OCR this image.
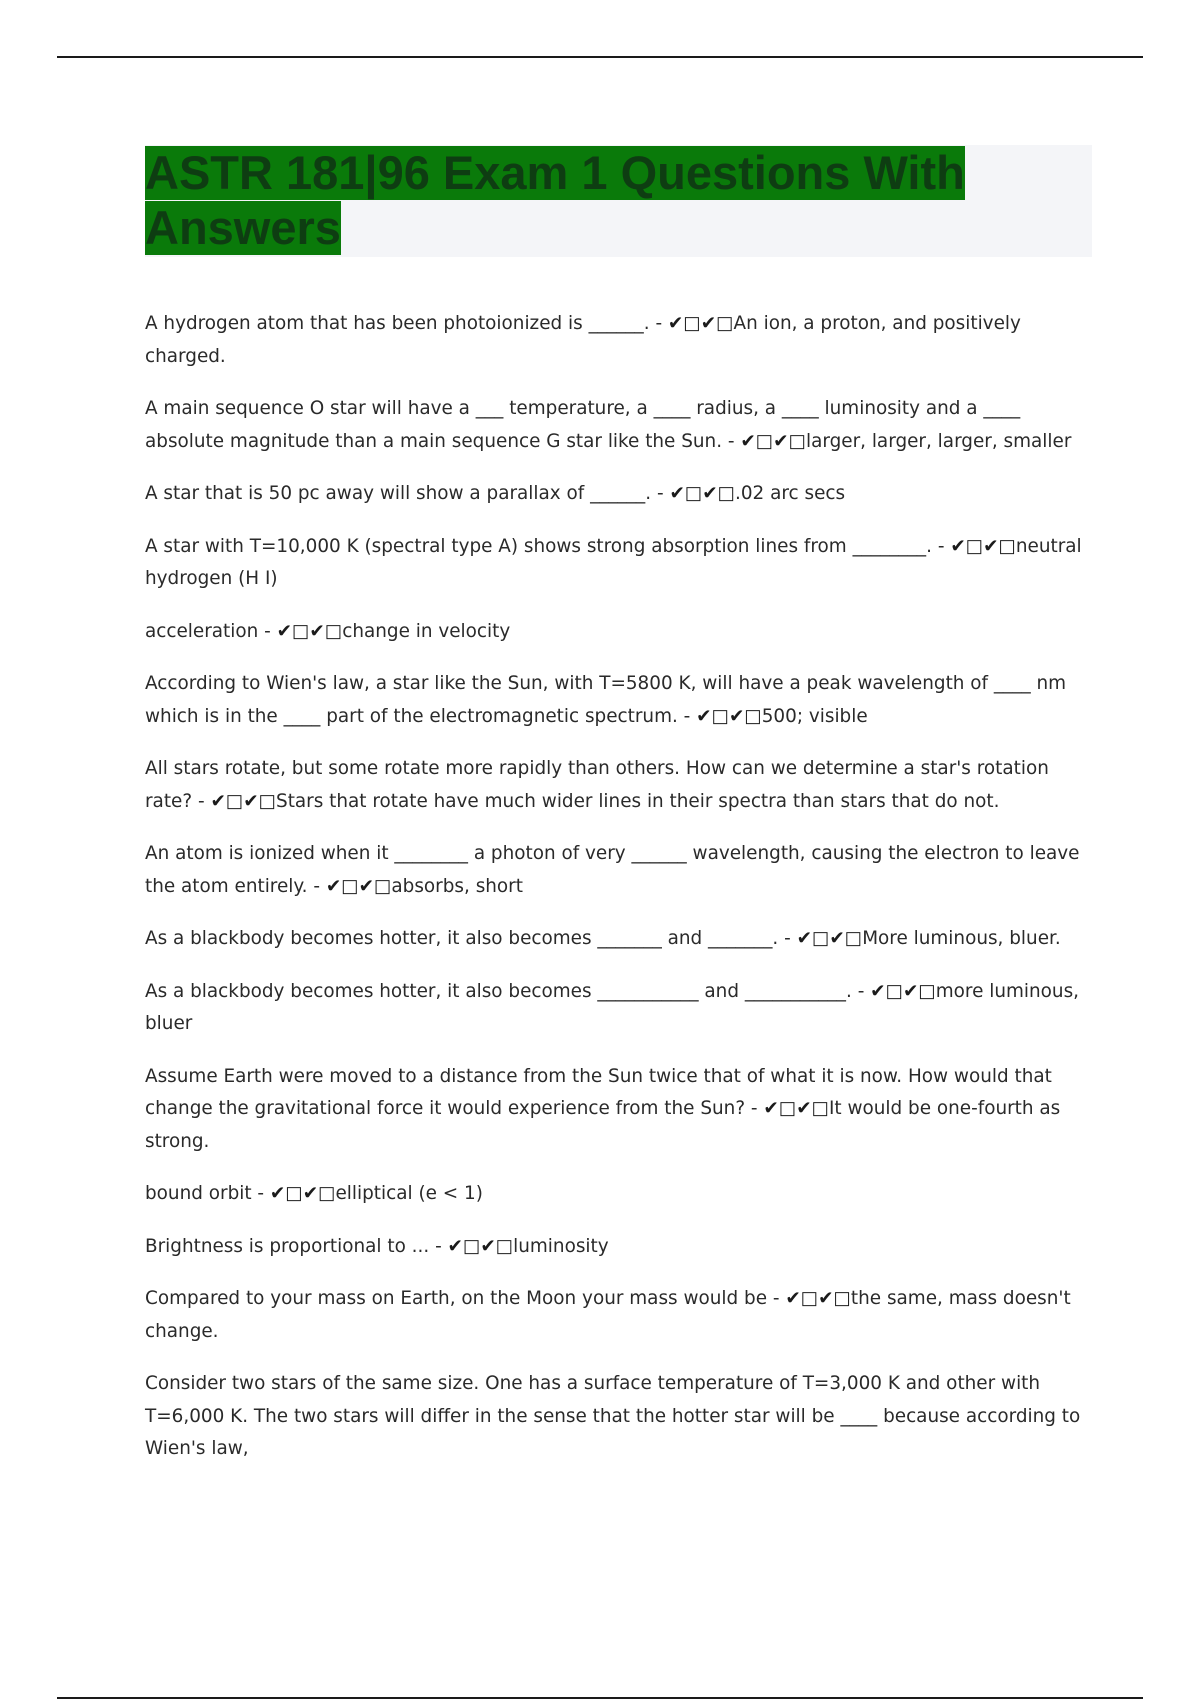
ASTR 181|96 Exam 1 Questions With Answers
A hydrogen atom that has been photoionized is ______. - ✔□✔□An ion, a proton, and positively charged.
A main sequence O star will have a ___ temperature, a ____ radius, a ____ luminosity and a ____ absolute magnitude than a main sequence G star like the Sun. - ✔□✔□larger, larger, larger, smaller
A star that is 50 pc away will show a parallax of ______. - ✔□✔□.02 arc secs
A star with T=10,000 K (spectral type A) shows strong absorption lines from ________. - ✔□✔□neutral hydrogen (H I)
acceleration - ✔□✔□change in velocity
According to Wien's law, a star like the Sun, with T=5800 K, will have a peak wavelength of ____ nm which is in the ____ part of the electromagnetic spectrum. - ✔□✔□500; visible
All stars rotate, but some rotate more rapidly than others. How can we determine a star's rotation rate? - ✔□✔□Stars that rotate have much wider lines in their spectra than stars that do not.
An atom is ionized when it ________ a photon of very ______ wavelength, causing the electron to leave the atom entirely. - ✔□✔□absorbs, short
As a blackbody becomes hotter, it also becomes _______ and _______. - ✔□✔□More luminous, bluer.
As a blackbody becomes hotter, it also becomes ___________ and ___________. - ✔□✔□more luminous, bluer
Assume Earth were moved to a distance from the Sun twice that of what it is now. How would that change the gravitational force it would experience from the Sun? - ✔□✔□It would be one-fourth as strong.
bound orbit - ✔□✔□elliptical (e < 1)
Brightness is proportional to ... - ✔□✔□luminosity
Compared to your mass on Earth, on the Moon your mass would be - ✔□✔□the same, mass doesn't change.
Consider two stars of the same size. One has a surface temperature of T=3,000 K and other with T=6,000 K. The two stars will differ in the sense that the hotter star will be ____ because according to Wien's law,
